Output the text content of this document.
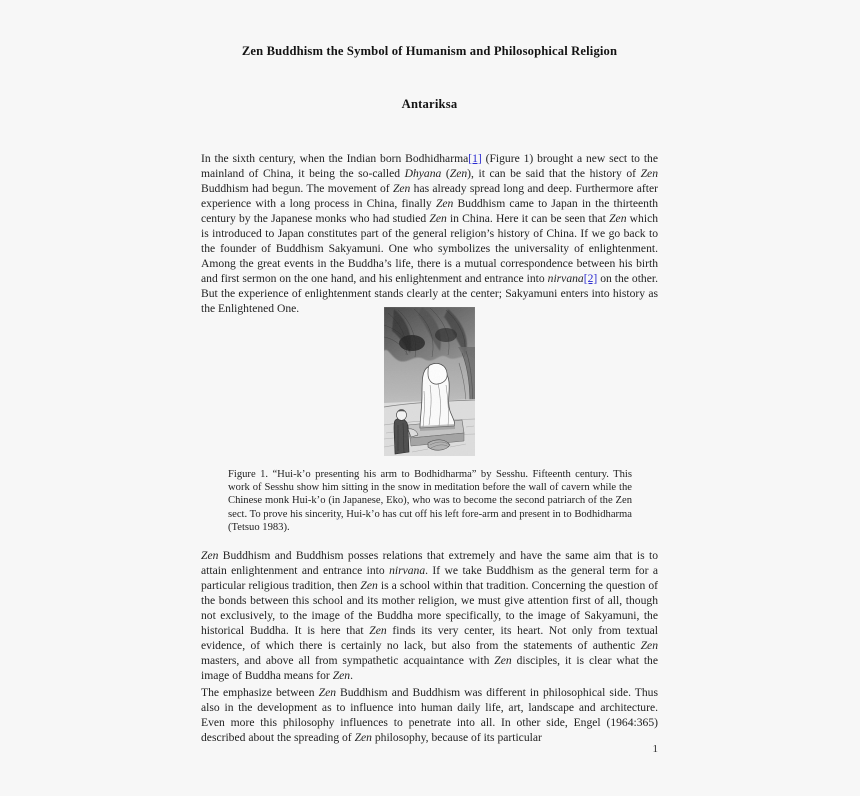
Zen Buddhism the Symbol of Humanism and Philosophical Religion
Antariksa

In the sixth century, when the Indian born Bodhidharma[1] (Figure 1) brought a new sect to the mainland of China, it being the so-called Dhyana (Zen), it can be said that the history of Zen Buddhism had begun. The movement of Zen has already spread long and deep. Furthermore after experience with a long process in China, finally Zen Buddhism came to Japan in the thirteenth century by the Japanese monks who had studied Zen in China. Here it can be seen that Zen which is introduced to Japan constitutes part of the general religion’s history of China. If we go back to the founder of Buddhism Sakyamuni. One who symbolizes the universality of enlightenment. Among the great events in the Buddha’s life, there is a mutual correspondence between his birth and first sermon on the one hand, and his enlightenment and entrance into nirvana[2] on the other. But the experience of enlightenment stands clearly at the center; Sakyamuni enters into history as the Enlightened One.

Figure 1. “Hui-k’o presenting his arm to Bodhidharma” by Sesshu. Fifteenth century. This work of Sesshu show him sitting in the snow in meditation before the wall of cavern while the Chinese monk Hui-k’o (in Japanese, Eko), who was to become the second patriarch of the Zen sect. To prove his sincerity, Hui-k’o has cut off his left fore-arm and present in to Bodhidharma (Tetsuo 1983).

Zen Buddhism and Buddhism posses relations that extremely and have the same aim that is to attain enlightenment and entrance into nirvana. If we take Buddhism as the general term for a particular religious tradition, then Zen is a school within that tradition. Concerning the question of the bonds between this school and its mother religion, we must give attention first of all, though not exclusively, to the image of the Buddha more specifically, to the image of Sakyamuni, the historical Buddha. It is here that Zen finds its very center, its heart. Not only from textual evidence, of which there is certainly no lack, but also from the statements of authentic Zen masters, and above all from sympathetic acquaintance with Zen disciples, it is clear what the image of Buddha means for Zen.

The emphasize between Zen Buddhism and Buddhism was different in philosophical side. Thus also in the development as to influence into human daily life, art, landscape and architecture. Even more this philosophy influences to penetrate into all. In other side, Engel (1964:365) described about the spreading of Zen philosophy, because of its particular

1
